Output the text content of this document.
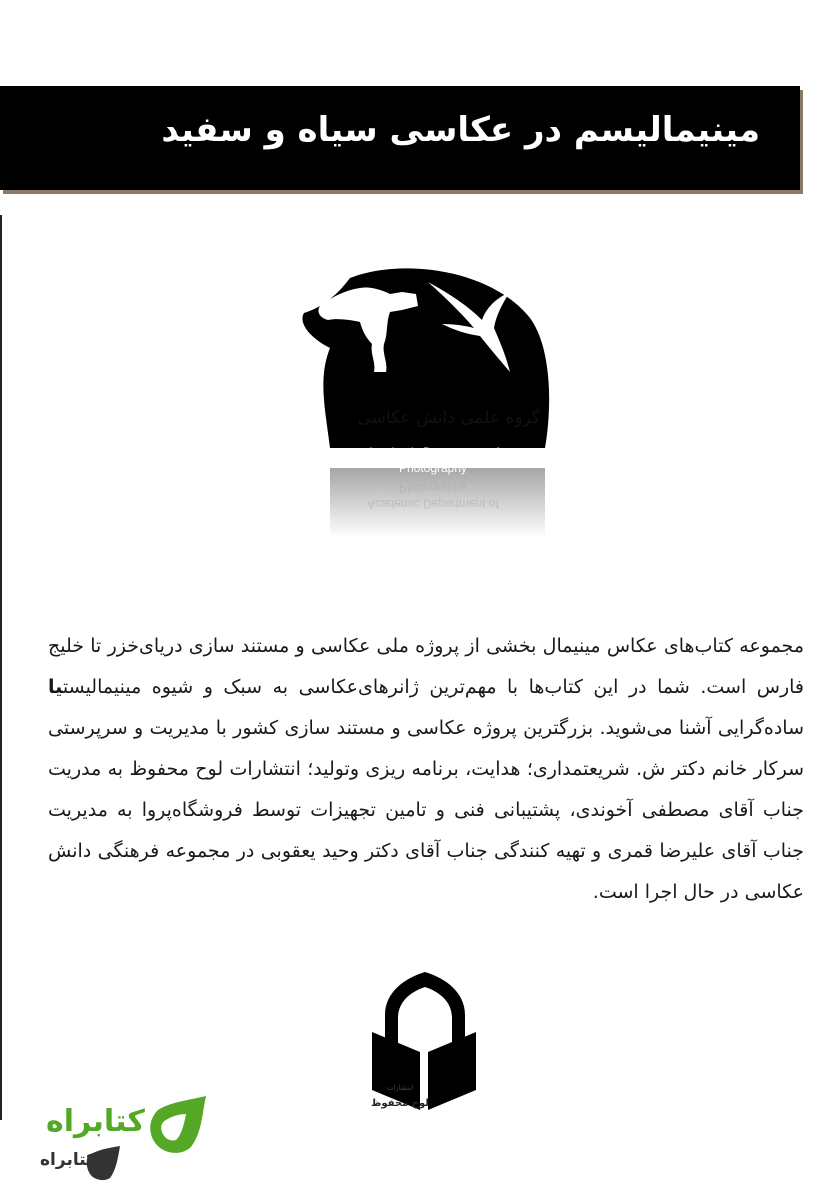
مینیمالیسم در عکاسی سیاه و سفید
گروه علمی دانش عکاسی
Academic Department of
Photography
Academic Department of
Photography
مجموعه کتاب‌های عکاس مینیمال بخشی از پروژه ملی عکاسی و مستند سازی دریای‌خزر تا خلیج فارس است. شما در این کتاب‌ها با مهم‌ترین ژانرهای‌عکاسی به سبک و شیوه مینیمالیستیا ساده‌گرایی آشنا می‌شوید. بزرگترین پروژه عکاسی و مستند سازی کشور با مدیریت و سرپرستی سرکار خانم دکتر ش. شریعتمداری؛ هدایت، برنامه ریزی وتولید؛ انتشارات لوح محفوظ به مدریت جناب آقای مصطفی آخوندی، پشتیبانی فنی و تامین تجهیزات توسط فروشگاه‌پروا به مدیریت جناب آقای علیرضا قمری و تهیه کنندگی جناب آقای دکتر وحید یعقوبی در مجموعه فرهنگی دانش عکاسی در حال اجرا است.
انتشارات
لوح محفوظ
کتابراه
کتابراه
